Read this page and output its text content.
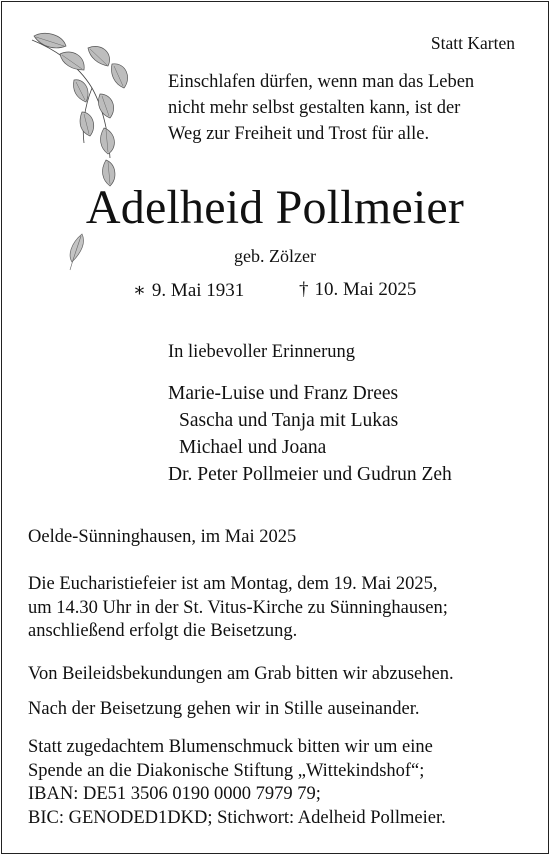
Statt Karten
Einschlafen dürfen, wenn man das Leben
nicht mehr selbst gestalten kann, ist der
Weg zur Freiheit und Trost für alle.
Adelheid Pollmeier
geb. Zölzer
∗ 9. Mai 1931	† 10. Mai 2025
In liebevoller Erinnerung
Marie-Luise und Franz Drees
Sascha und Tanja mit Lukas
Michael und Joana
Dr. Peter Pollmeier und Gudrun Zeh
Oelde-Sünninghausen, im Mai 2025
Die Eucharistiefeier ist am Montag, dem 19. Mai 2025,
um 14.30 Uhr in der St. Vitus-Kirche zu Sünninghausen;
anschließend erfolgt die Beisetzung.
Von Beileidsbekundungen am Grab bitten wir abzusehen.
Nach der Beisetzung gehen wir in Stille auseinander.
Statt zugedachtem Blumenschmuck bitten wir um eine
Spende an die Diakonische Stiftung „Wittekindshof“;
IBAN: DE51 3506 0190 0000 7979 79;
BIC: GENODED1DKD; Stichwort: Adelheid Pollmeier.
